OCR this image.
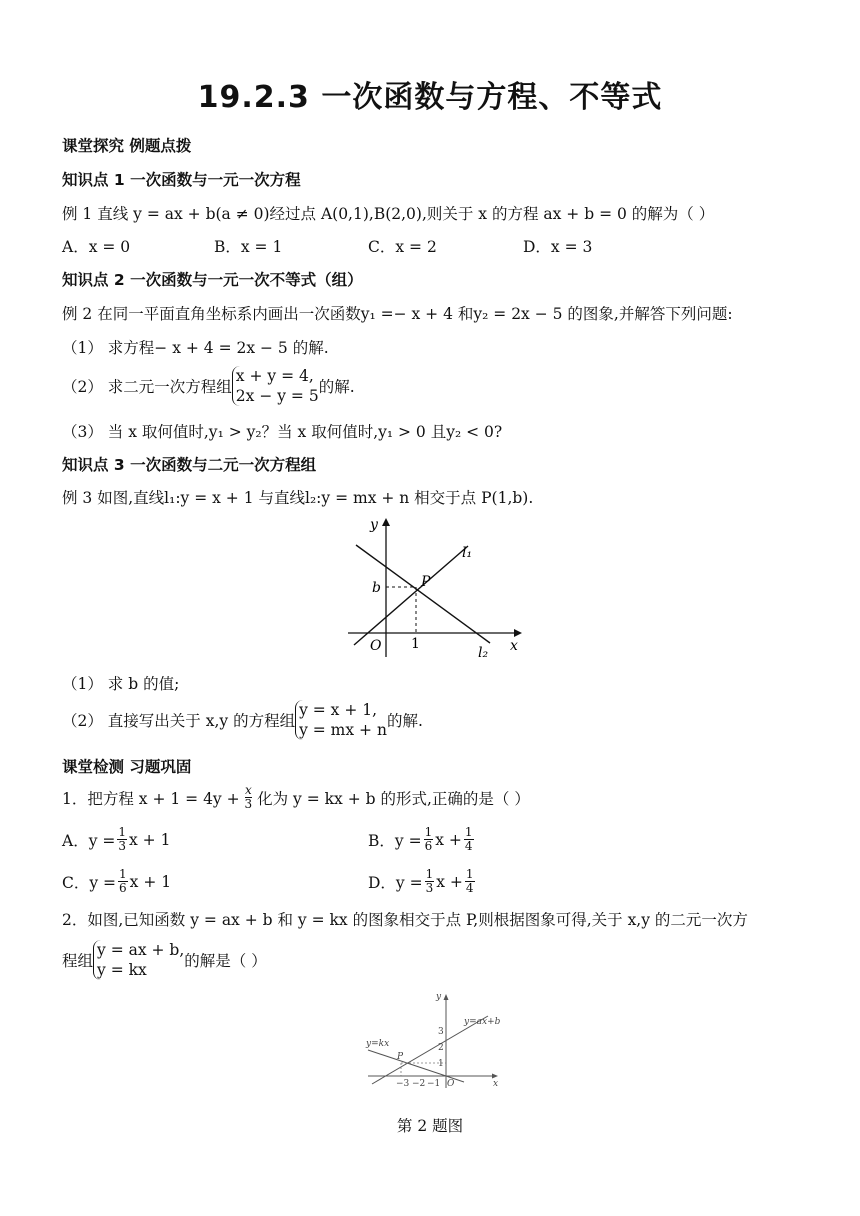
19.2.3 一次函数与方程、不等式
课堂探究 例题点拨
知识点 1 一次函数与一元一次方程
例 1 直线 y = ax + b(a ≠ 0)经过点 A(0,1),B(2,0),则关于 x 的方程 ax + b = 0 的解为（ ）
A．x = 0	B．x = 1	C．x = 2	D．x = 3
知识点 2 一次函数与一元一次不等式（组）
例 2 在同一平面直角坐标系内画出一次函数y₁ =− x + 4 和y₂ = 2x − 5 的图象,并解答下列问题:
（1） 求方程− x + 4 = 2x − 5 的解.
（2） 求二元一次方程组
x + y = 4,
2x − y = 5 的解.
（3） 当 x 取何值时,y₁ > y₂？当 x 取何值时,y₁ > 0 且y₂ < 0?
知识点 3 一次函数与二元一次方程组
例 3 如图,直线l₁:y = x + 1 与直线l₂:y = mx + n 相交于点 P(1,b).
y
x
O
b
1
P
l₁
l₂
（1） 求 b 的值;
（2） 直接写出关于 x,y 的方程组
y = x + 1,
y = mx + n 的解.
课堂检测 习题巩固
1．把方程 $x + 1 = 4y + \frac{x}{3}$ 化为 y = kx + b 的形式,正确的是（ ）
A．$y = \frac{1}{3}$ x + 1	B．$y = \frac{1}{6}$ $x + \frac{1}{4}$
C．$y = \frac{1}{6}$ x + 1	D．$y = \frac{1}{3}$ $x + \frac{1}{4}$
2．如图,已知函数 y = ax + b 和 y = kx 的图象相交于点 P,则根据图象可得,关于 x,y 的二元一次方
程组
y = ax + b,
y = kx	的解是（ ）
y
x
y=ax+b
y=kx
P
O
−3 −2 −1
3
2
1
第 2 题图
